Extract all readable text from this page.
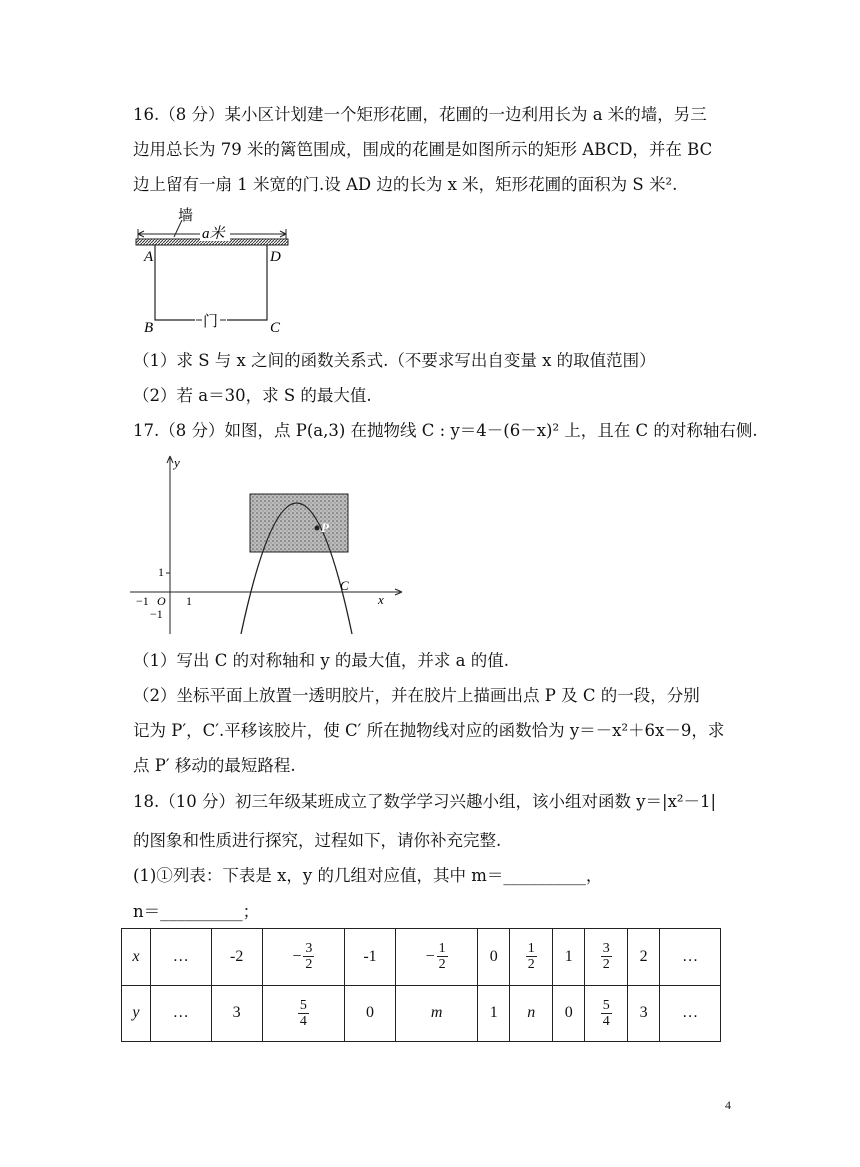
16.（8 分）某小区计划建一个矩形花圃，花圃的一边利用长为 a 米的墙，另三
边用总长为 79 米的篱笆围成，围成的花圃是如图所示的矩形 ABCD，并在 BC
边上留有一扇 1 米宽的门.设 AD 边的长为 x 米，矩形花圃的面积为 S 米².
墙
a米
门
A	D
B	C
（1）求 S 与 x 之间的函数关系式.（不要求写出自变量 x 的取值范围）
（2）若 a＝30，求 S 的最大值.
17.（8 分）如图，点 P(a,3) 在抛物线 C : y＝4－(6－x)² 上，且在 C 的对称轴右侧.
y
x
1
−1 O 1
−1
P
C
（1）写出 C 的对称轴和 y 的最大值，并求 a 的值.
（2）坐标平面上放置一透明胶片，并在胶片上描画出点 P 及 C 的一段，分别
记为 P′，C′.平移该胶片，使 C′ 所在抛物线对应的函数恰为 y＝－x²＋6x－9，求
点 P′ 移动的最短路程.
18.（10 分）初三年级某班成立了数学学习兴趣小组，该小组对函数 y＝|x²－1|
的图象和性质进行探究，过程如下，请你补充完整.
(1)①列表：下表是 x，y 的几组对应值，其中 m＝__________，
n＝__________；
x	…	-2	− $\frac{3}{2}$	-1	− $\frac{1}{2}$	0	$\frac{1}{2}$	1	$\frac{3}{2}$	2	…
y	…	3	$\frac{5}{4}$	0	m	1	n	0	$\frac{5}{4}$	3	…
4
